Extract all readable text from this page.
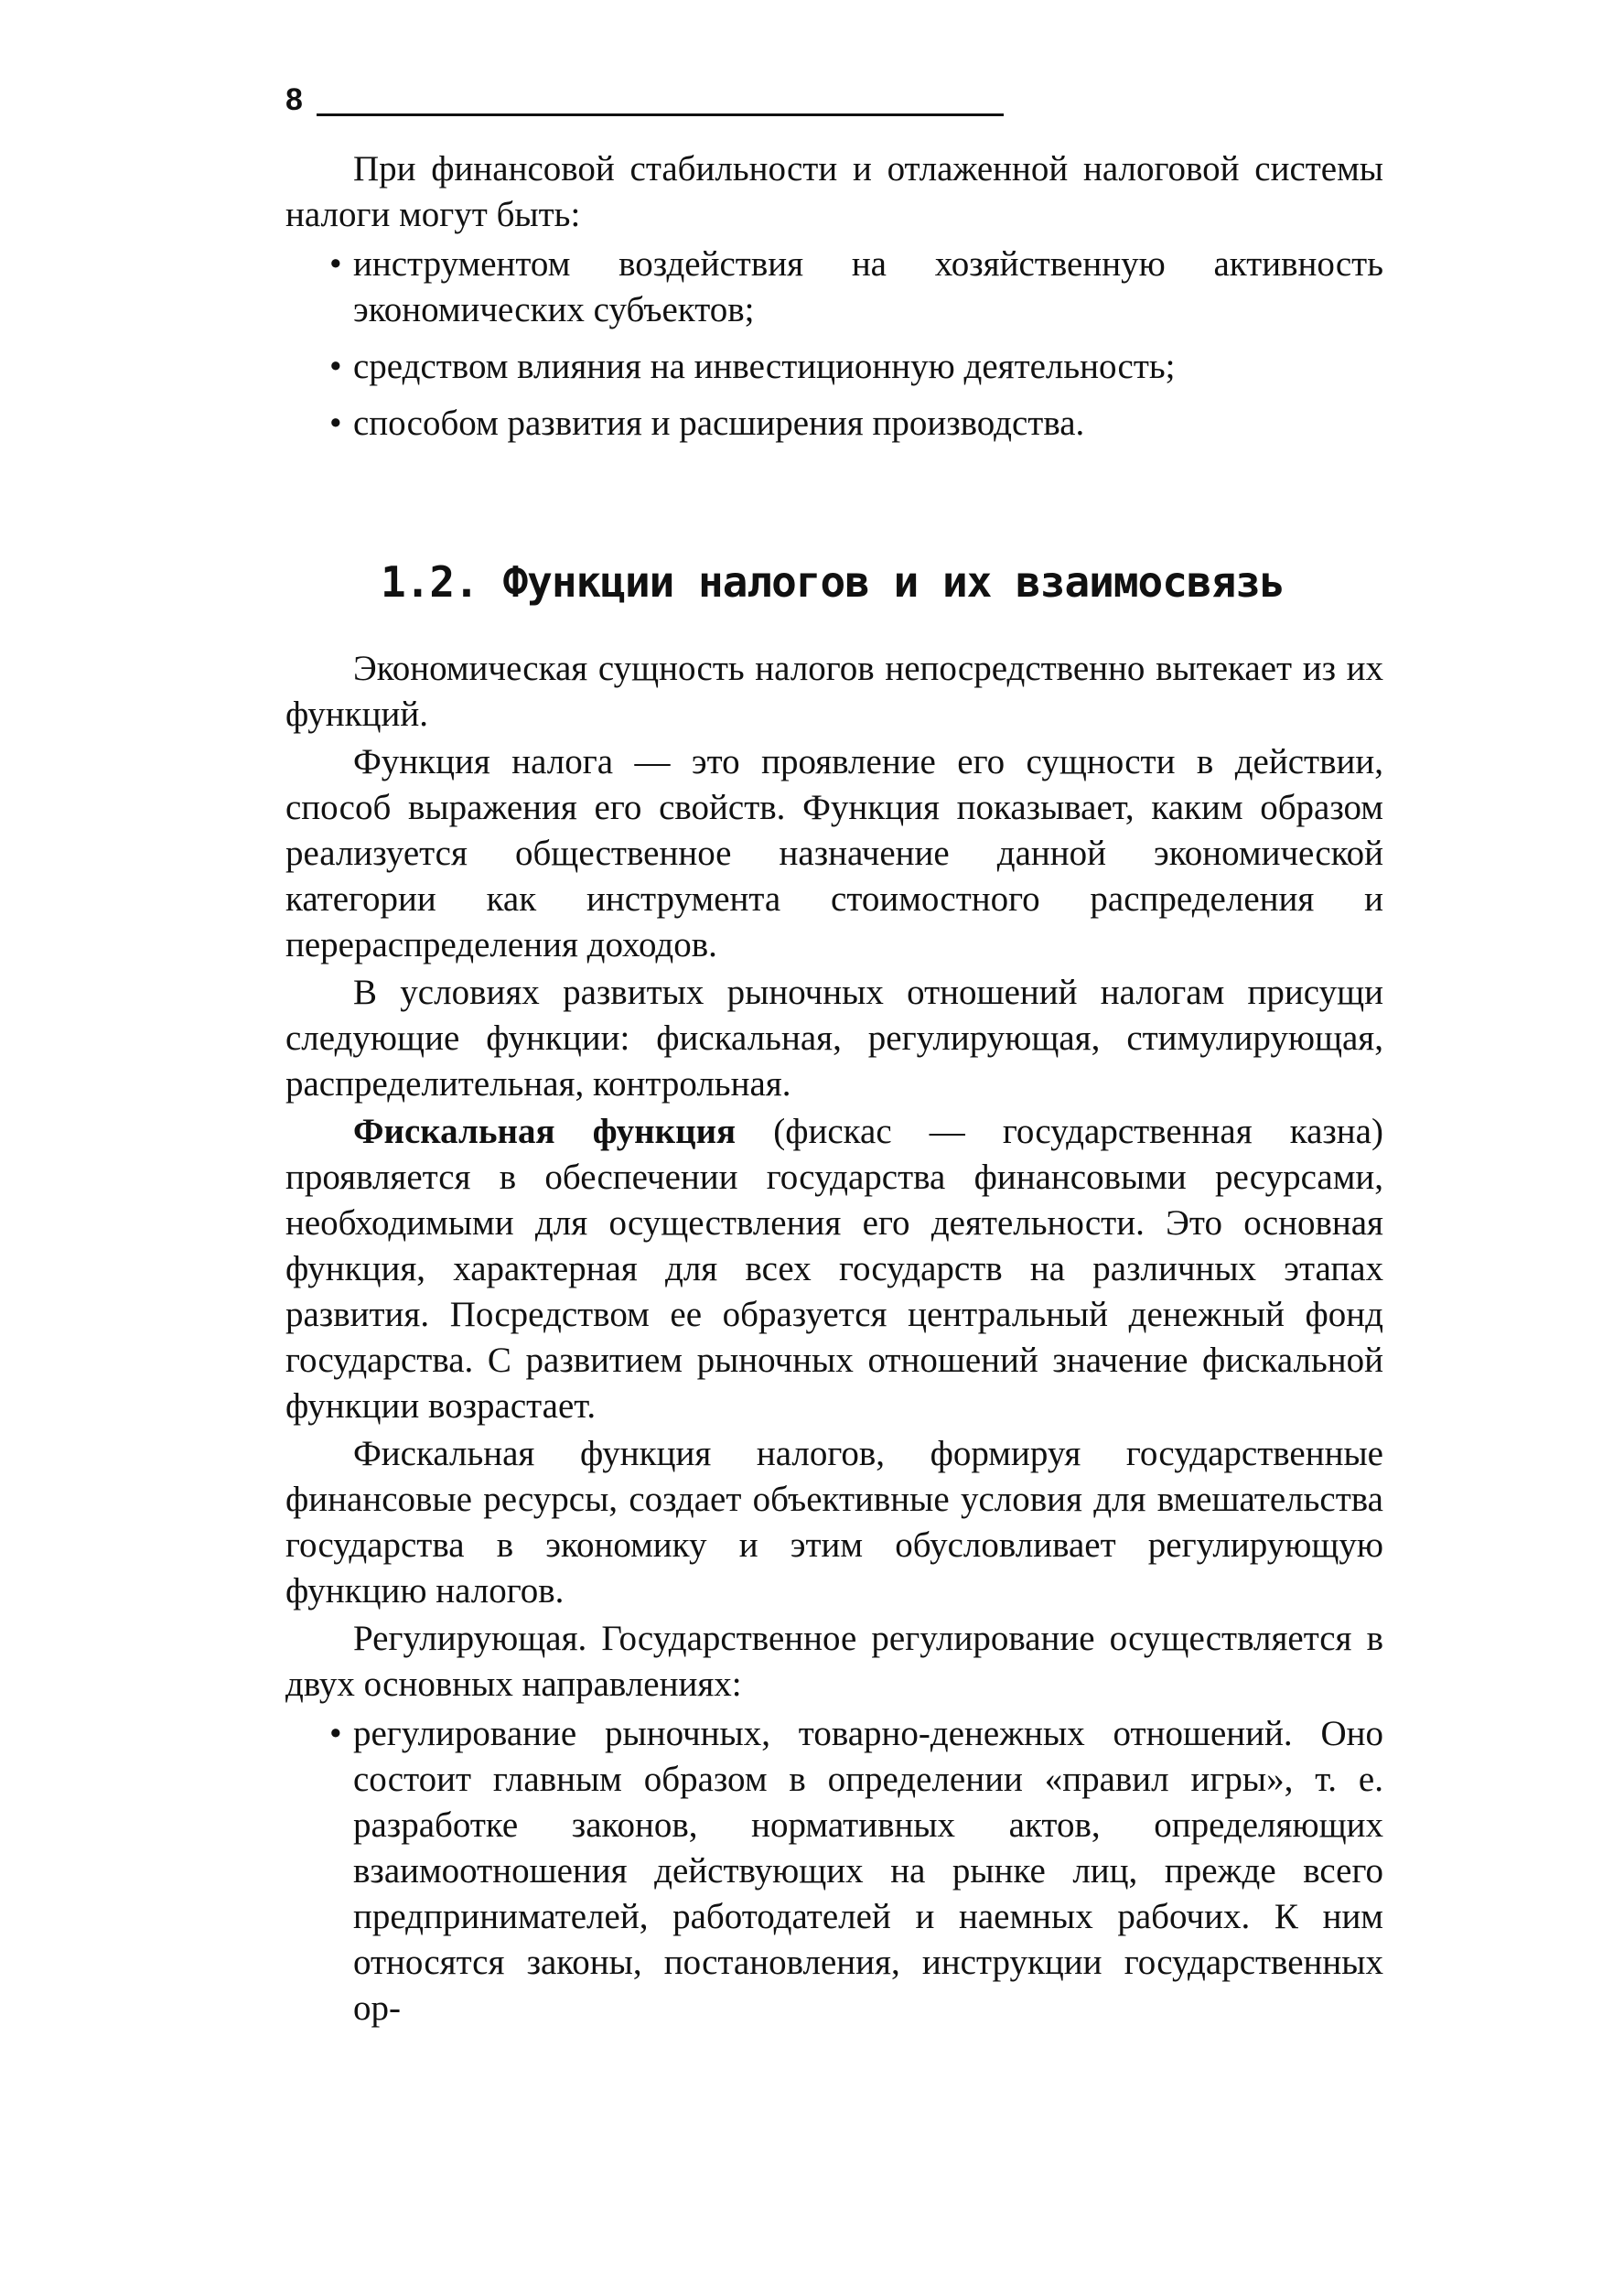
8

При финансовой стабильности и отлаженной налоговой системы налоги могут быть:

• инструментом воздействия на хозяйственную активность экономических субъектов;
• средством влияния на инвестиционную деятельность;
• способом развития и расширения производства.
1.2. Функции налогов и их взаимосвязь

Экономическая сущность налогов непосредственно вытекает из их функций.

Функция налога — это проявление его сущности в действии, способ выражения его свойств. Функция показывает, каким образом реализуется общественное назначение данной экономической категории как инструмента стоимостного распределения и перераспределения доходов.

В условиях развитых рыночных отношений налогам присущи следующие функции: фискальная, регулирующая, стимулирующая, распределительная, контрольная.

Фискальная функция (фискас — государственная казна) проявляется в обеспечении государства финансовыми ресурсами, необходимыми для осуществления его деятельности. Это основная функция, характерная для всех государств на различных этапах развития. Посредством ее образуется центральный денежный фонд государства. С развитием рыночных отношений значение фискальной функции возрастает.

Фискальная функция налогов, формируя государственные финансовые ресурсы, создает объективные условия для вмешательства государства в экономику и этим обусловливает регулирующую функцию налогов.

Регулирующая. Государственное регулирование осуществляется в двух основных направлениях:

• регулирование рыночных, товарно-денежных отношений. Оно состоит главным образом в определении «правил игры», т. е. разработке законов, нормативных актов, определяющих взаимоотношения действующих на рынке лиц, прежде всего предпринимателей, работодателей и наемных рабочих. К ним относятся законы, постановления, инструкции государственных ор-
